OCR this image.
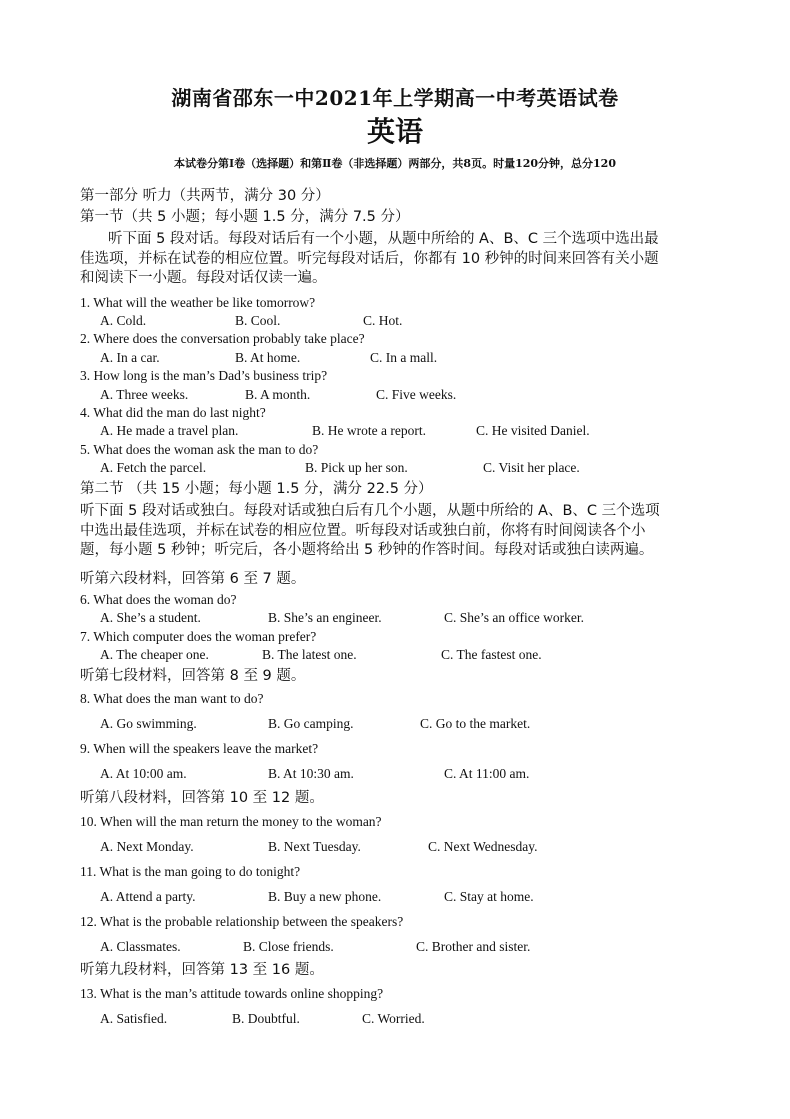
湖南省邵东一中2021年上学期高一中考英语试卷
英语
本试卷分第Ⅰ卷（选择题）和第Ⅱ卷（非选择题）两部分，共8页。时量120分钟，总分120
第一部分 听力（共两节，满分 30 分）
第一节（共 5 小题；每小题 1.5 分，满分 7.5 分）
听下面 5 段对话。每段对话后有一个小题，从题中所给的 A、B、C 三个选项中选出最
佳选项，并标在试卷的相应位置。听完每段对话后，你都有 10 秒钟的时间来回答有关小题
和阅读下一小题。每段对话仅读一遍。
1. What will the weather be like tomorrow?
A. Cold.	B. Cool.	C. Hot.
2. Where does the conversation probably take place?
A. In a car.	B. At home.	C. In a mall.
3. How long is the man’s Dad’s business trip?
A. Three weeks.	B. A month.	C. Five weeks.
4. What did the man do last night?
A. He made a travel plan.	B. He wrote a report.	C. He visited Daniel.
5. What does the woman ask the man to do?
A. Fetch the parcel.	B. Pick up her son.	C. Visit her place.
第二节 （共 15 小题；每小题 1.5 分，满分 22.5 分）
听下面 5 段对话或独白。每段对话或独白后有几个小题，从题中所给的 A、B、C 三个选项
中选出最佳选项，并标在试卷的相应位置。听每段对话或独白前，你将有时间阅读各个小
题，每小题 5 秒钟；听完后，各小题将给出 5 秒钟的作答时间。每段对话或独白读两遍。
听第六段材料，回答第 6 至 7 题。
6. What does the woman do?
A. She’s a student.	B. She’s an engineer.	C. She’s an office worker.
7. Which computer does the woman prefer?
A. The cheaper one.	B. The latest one.	C. The fastest one.
听第七段材料，回答第 8 至 9 题。
8. What does the man want to do?
A. Go swimming.	B. Go camping.	C. Go to the market.
9. When will the speakers leave the market?
A. At 10:00 am.	B. At 10:30 am.	C. At 11:00 am.
听第八段材料，回答第 10 至 12 题。
10. When will the man return the money to the woman?
A. Next Monday.	B. Next Tuesday.	C. Next Wednesday.
11. What is the man going to do tonight?
A. Attend a party.	B. Buy a new phone.	C. Stay at home.
12. What is the probable relationship between the speakers?
A. Classmates.	B. Close friends.	C. Brother and sister.
听第九段材料，回答第 13 至 16 题。
13. What is the man’s attitude towards online shopping?
A. Satisfied.	B. Doubtful.	C. Worried.
